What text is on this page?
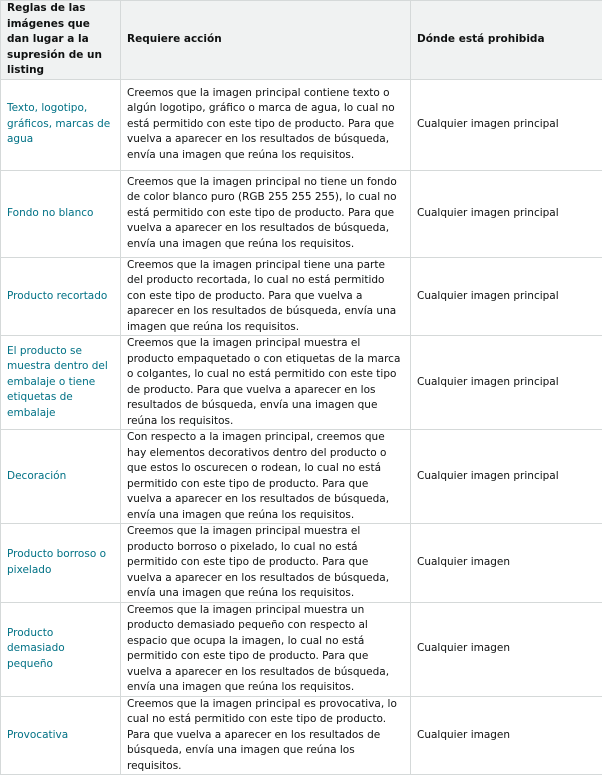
Reglas de las imágenes que dan lugar a la supresión de un listing	Requiere acción	Dónde está prohibida
Texto, logotipo, gráficos, marcas de agua	Creemos que la imagen principal contiene texto o algún logotipo, gráfico o marca de agua, lo cual no está permitido con este tipo de producto. Para que vuelva a aparecer en los resultados de búsqueda, envía una imagen que reúna los requisitos.	Cualquier imagen principal
Fondo no blanco	Creemos que la imagen principal no tiene un fondo de color blanco puro (RGB 255 255 255), lo cual no está permitido con este tipo de producto. Para que vuelva a aparecer en los resultados de búsqueda, envía una imagen que reúna los requisitos.	Cualquier imagen principal
Producto recortado	Creemos que la imagen principal tiene una parte del producto recortada, lo cual no está permitido con este tipo de producto. Para que vuelva a aparecer en los resultados de búsqueda, envía una imagen que reúna los requisitos.	Cualquier imagen principal
El producto se muestra dentro del embalaje o tiene etiquetas de embalaje	Creemos que la imagen principal muestra el producto empaquetado o con etiquetas de la marca o colgantes, lo cual no está permitido con este tipo de producto. Para que vuelva a aparecer en los resultados de búsqueda, envía una imagen que reúna los requisitos.	Cualquier imagen principal
Decoración	Con respecto a la imagen principal, creemos que hay elementos decorativos dentro del producto o que estos lo oscurecen o rodean, lo cual no está permitido con este tipo de producto. Para que vuelva a aparecer en los resultados de búsqueda, envía una imagen que reúna los requisitos.	Cualquier imagen principal
Producto borroso o pixelado	Creemos que la imagen principal muestra el producto borroso o pixelado, lo cual no está permitido con este tipo de producto. Para que vuelva a aparecer en los resultados de búsqueda, envía una imagen que reúna los requisitos.	Cualquier imagen
Producto demasiado pequeño	Creemos que la imagen principal muestra un producto demasiado pequeño con respecto al espacio que ocupa la imagen, lo cual no está permitido con este tipo de producto. Para que vuelva a aparecer en los resultados de búsqueda, envía una imagen que reúna los requisitos.	Cualquier imagen
Provocativa	Creemos que la imagen principal es provocativa, lo cual no está permitido con este tipo de producto. Para que vuelva a aparecer en los resultados de búsqueda, envía una imagen que reúna los requisitos.	Cualquier imagen
